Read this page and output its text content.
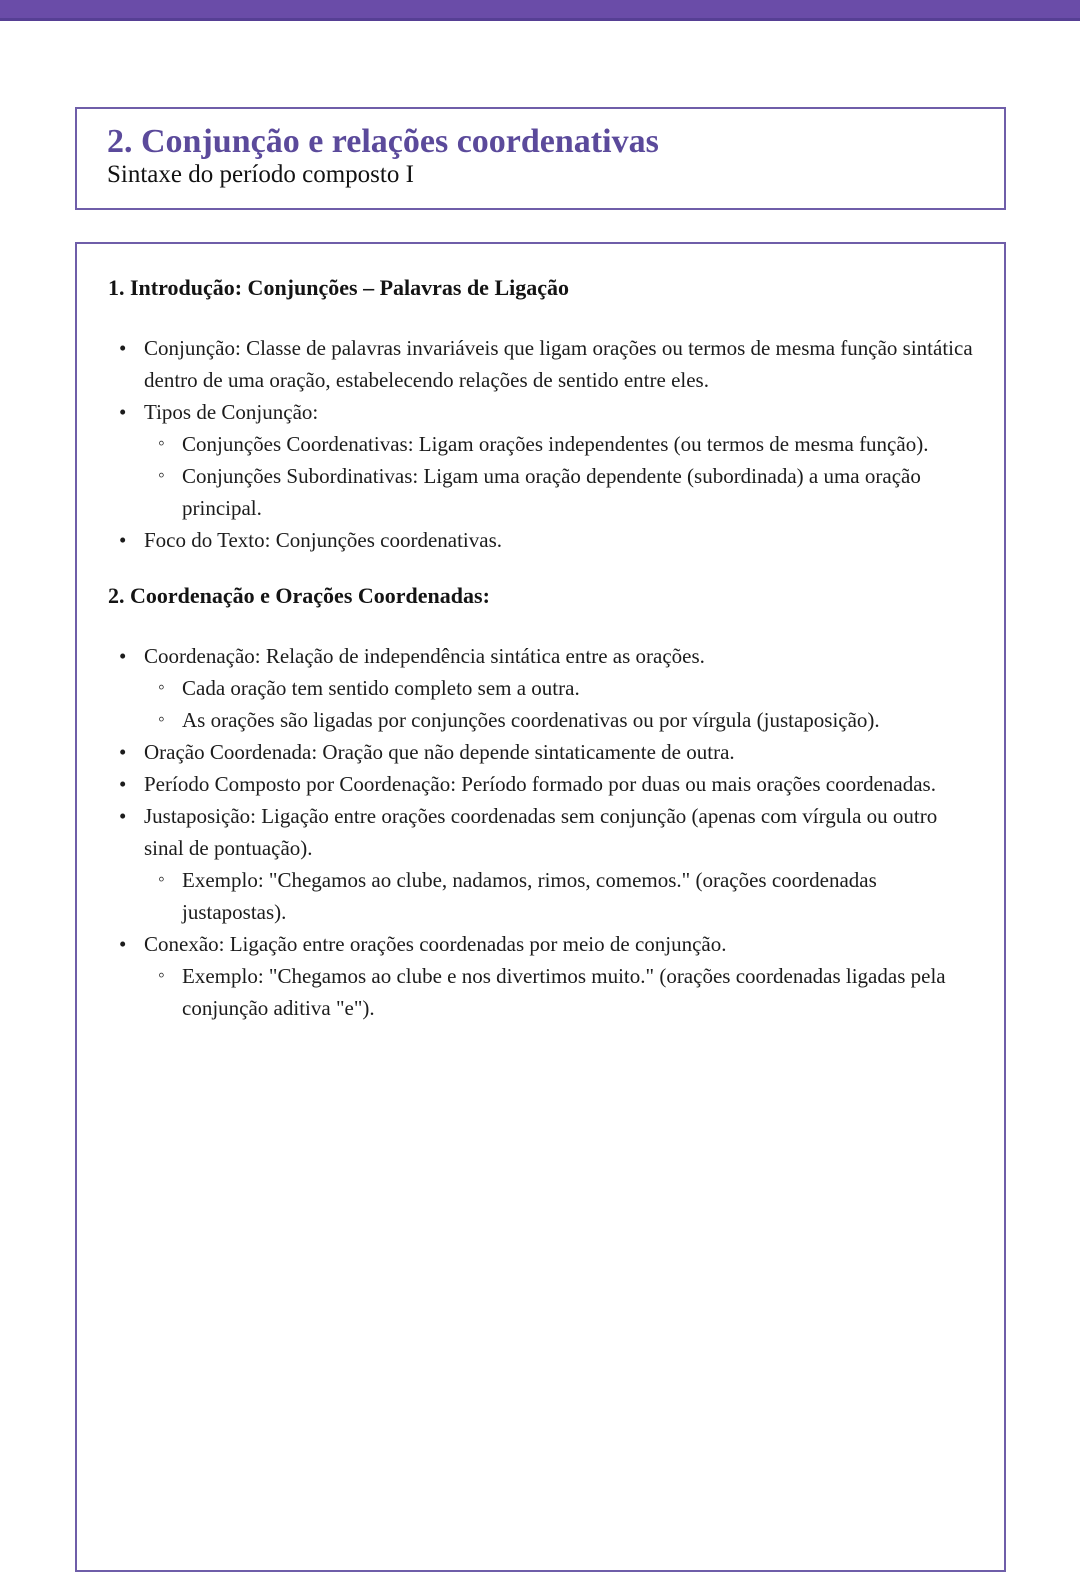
2. Conjunção e relações coordenativas

Sintaxe do período composto I

1. Introdução: Conjunções – Palavras de Ligação
• Conjunção: Classe de palavras invariáveis que ligam orações ou termos de mesma função sintática dentro de uma oração, estabelecendo relações de sentido entre eles.
• Tipos de Conjunção:
◦ Conjunções Coordenativas: Ligam orações independentes (ou termos de mesma função).
◦ Conjunções Subordinativas: Ligam uma oração dependente (subordinada) a uma oração principal.
• Foco do Texto: Conjunções coordenativas.
2. Coordenação e Orações Coordenadas:
• Coordenação: Relação de independência sintática entre as orações.
◦ Cada oração tem sentido completo sem a outra.
◦ As orações são ligadas por conjunções coordenativas ou por vírgula (justaposição).
• Oração Coordenada: Oração que não depende sintaticamente de outra.
• Período Composto por Coordenação: Período formado por duas ou mais orações coordenadas.
• Justaposição: Ligação entre orações coordenadas sem conjunção (apenas com vírgula ou outro sinal de pontuação).
◦ Exemplo: "Chegamos ao clube, nadamos, rimos, comemos." (orações coordenadas justapostas).
• Conexão: Ligação entre orações coordenadas por meio de conjunção.
◦ Exemplo: "Chegamos ao clube e nos divertimos muito." (orações coordenadas ligadas pela conjunção aditiva "e").
